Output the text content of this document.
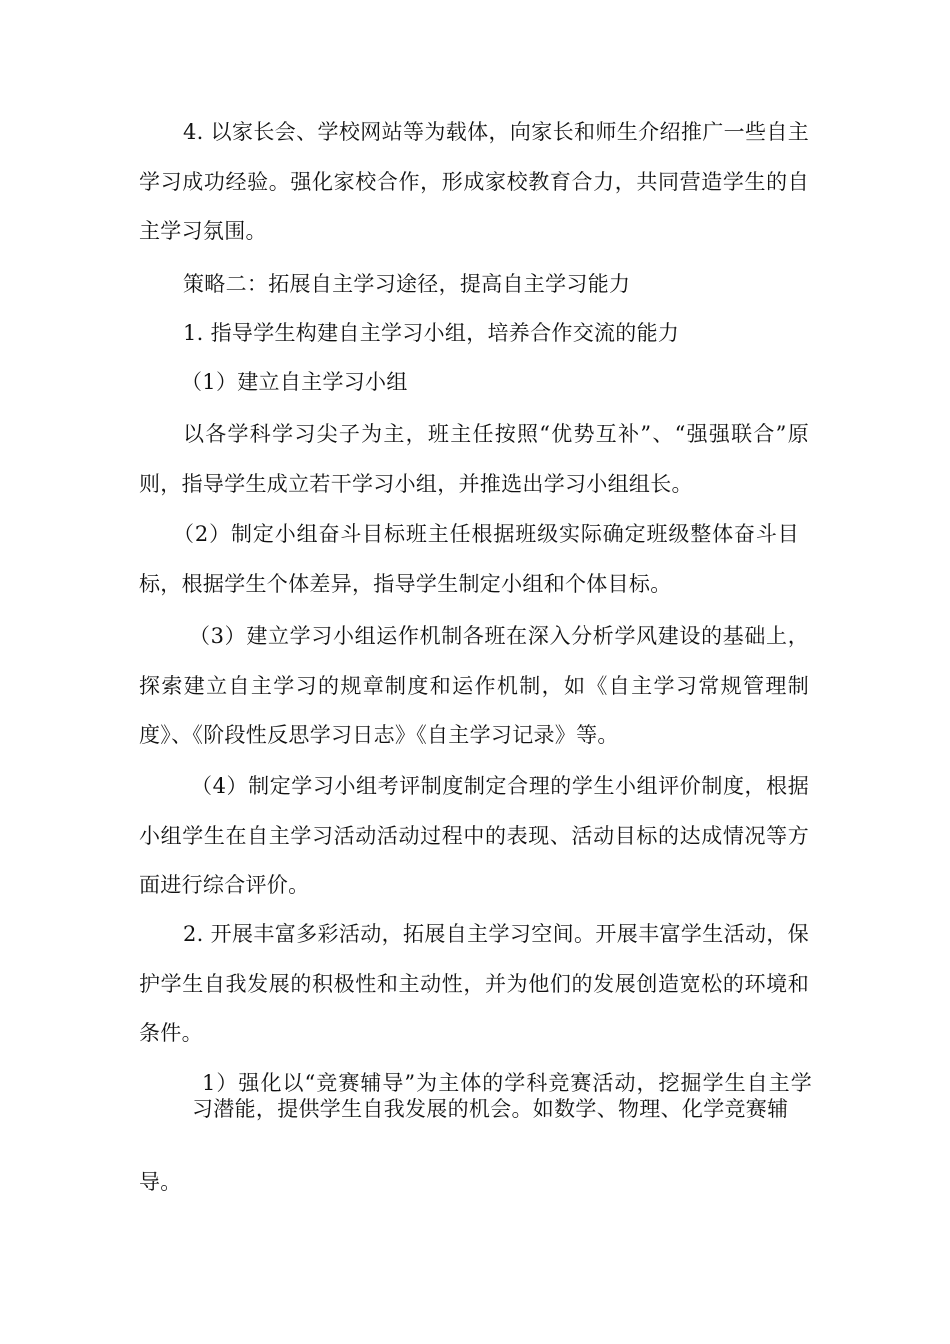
4. 以家长会、学校网站等为载体，向家长和师生介绍推广一些自主学习成功经验。强化家校合作，形成家校教育合力，共同营造学生的自主学习氛围。

策略二：拓展自主学习途径，提高自主学习能力

1. 指导学生构建自主学习小组，培养合作交流的能力

（1）建立自主学习小组

以各学科学习尖子为主，班主任按照“优势互补”、“强强联合”原则，指导学生成立若干学习小组，并推选出学习小组组长。

（2）制定小组奋斗目标班主任根据班级实际确定班级整体奋斗目标，根据学生个体差异，指导学生制定小组和个体目标。

（3）建立学习小组运作机制各班在深入分析学风建设的基础上，探索建立自主学习的规章制度和运作机制，如《自主学习常规管理制度》、《阶段性反思学习日志》《自主学习记录》等。

（4）制定学习小组考评制度制定合理的学生小组评价制度，根据小组学生在自主学习活动活动过程中的表现、活动目标的达成情况等方面进行综合评价。

2. 开展丰富多彩活动，拓展自主学习空间。开展丰富学生活动，保护学生自我发展的积极性和主动性，并为他们的发展创造宽松的环境和条件。

1）强化以“竞赛辅导”为主体的学科竞赛活动，挖掘学生自主学习潜能，提供学生自我发展的机会。如数学、物理、化学竞赛辅

导。
